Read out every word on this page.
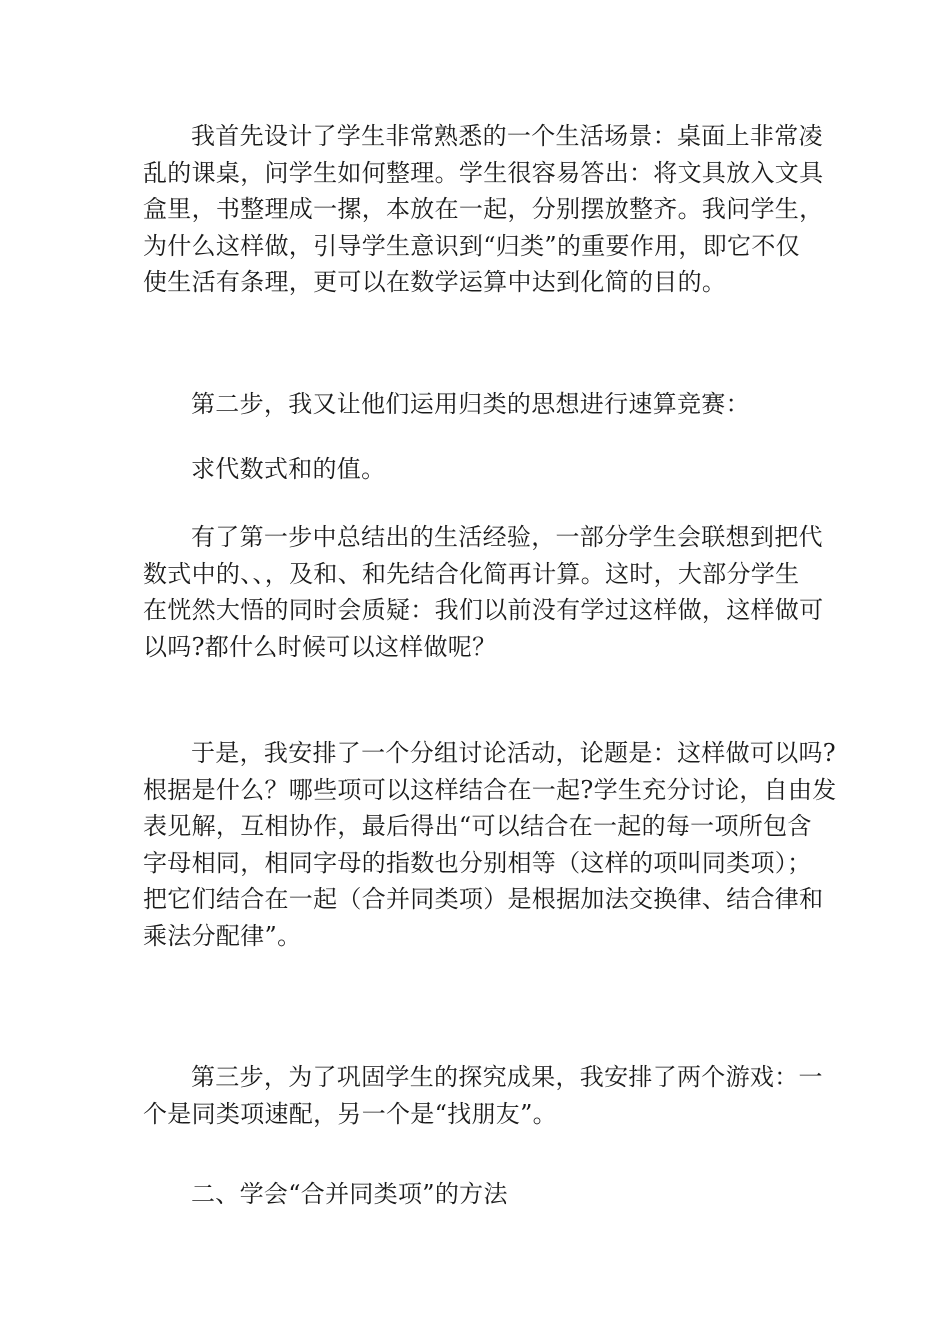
我首先设计了学生非常熟悉的一个生活场景：桌面上非常凌
乱的课桌，问学生如何整理。学生很容易答出：将文具放入文具
盒里，书整理成一摞，本放在一起，分别摆放整齐。我问学生，
为什么这样做，引导学生意识到“归类”的重要作用，即它不仅
使生活有条理，更可以在数学运算中达到化简的目的。

第二步，我又让他们运用归类的思想进行速算竞赛：

求代数式和的值。

有了第一步中总结出的生活经验，一部分学生会联想到把代
数式中的、、，及和、和先结合化简再计算。这时，大部分学生
在恍然大悟的同时会质疑：我们以前没有学过这样做，这样做可
以吗?都什么时候可以这样做呢？

于是，我安排了一个分组讨论活动，论题是：这样做可以吗?
根据是什么？哪些项可以这样结合在一起?学生充分讨论，自由发
表见解，互相协作，最后得出“可以结合在一起的每一项所包含
字母相同，相同字母的指数也分别相等（这样的项叫同类项）；
把它们结合在一起（合并同类项）是根据加法交换律、结合律和
乘法分配律”。

第三步，为了巩固学生的探究成果，我安排了两个游戏：一
个是同类项速配，另一个是“找朋友”。

二、学会“合并同类项”的方法
